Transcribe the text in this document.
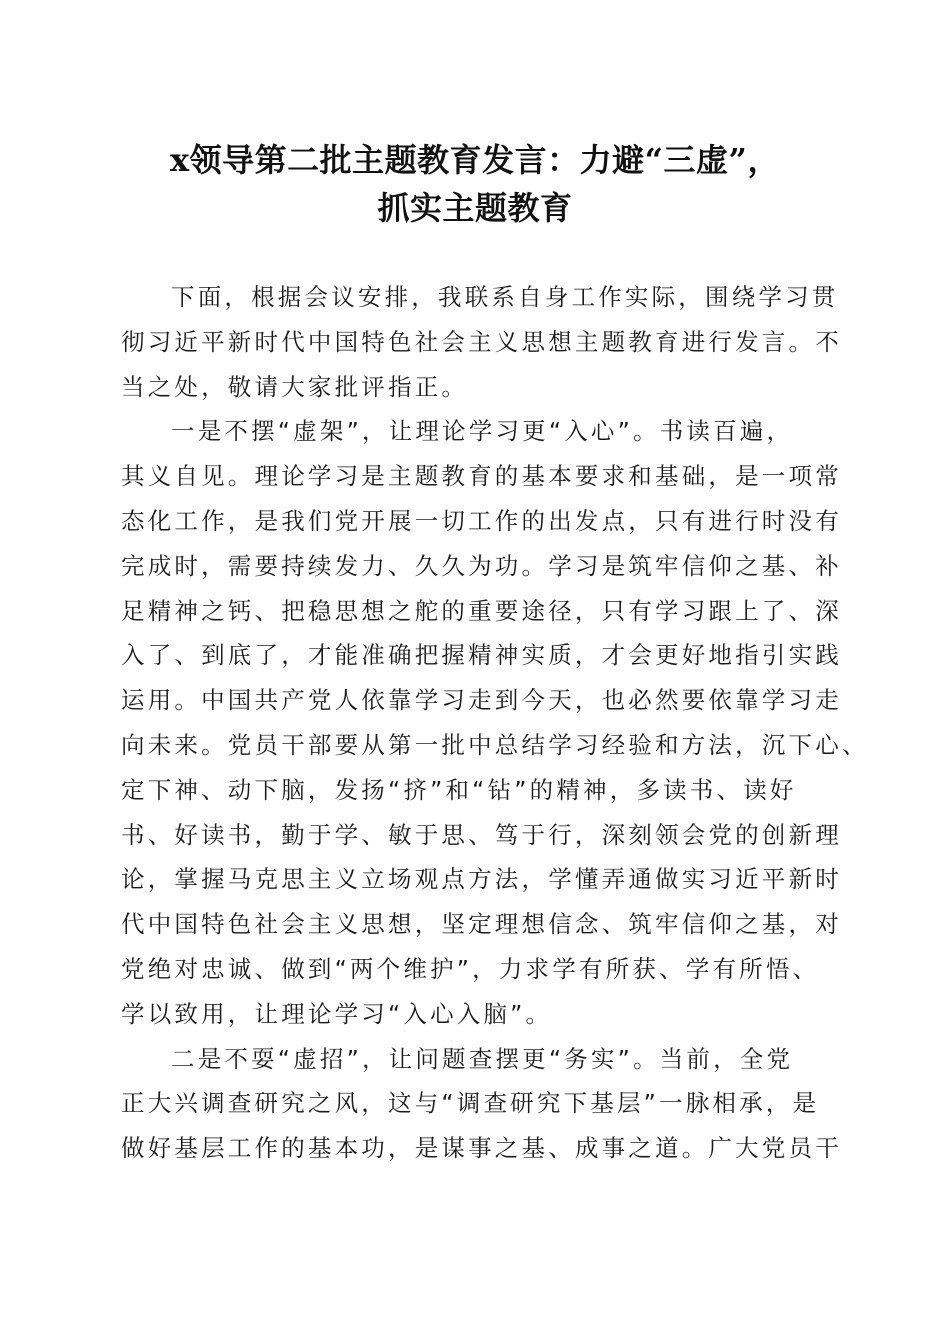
x领导第二批主题教育发言：力避“三虚”，
抓实主题教育
下面，根据会议安排，我联系自身工作实际，围绕学习贯
彻习近平新时代中国特色社会主义思想主题教育进行发言。不
当之处，敬请大家批评指正。
一是不摆“虚架”，让理论学习更“入心”。书读百遍，
其义自见。理论学习是主题教育的基本要求和基础，是一项常
态化工作，是我们党开展一切工作的出发点，只有进行时没有
完成时，需要持续发力、久久为功。学习是筑牢信仰之基、补
足精神之钙、把稳思想之舵的重要途径，只有学习跟上了、深
入了、到底了，才能准确把握精神实质，才会更好地指引实践
运用。中国共产党人依靠学习走到今天，也必然要依靠学习走
向未来。党员干部要从第一批中总结学习经验和方法，沉下心、
定下神、动下脑，发扬“挤”和“钻”的精神，多读书、读好
书、好读书，勤于学、敏于思、笃于行，深刻领会党的创新理
论，掌握马克思主义立场观点方法，学懂弄通做实习近平新时
代中国特色社会主义思想，坚定理想信念、筑牢信仰之基，对
党绝对忠诚、做到“两个维护”，力求学有所获、学有所悟、
学以致用，让理论学习“入心入脑”。
二是不耍“虚招”，让问题查摆更“务实”。当前，全党
正大兴调查研究之风，这与“调查研究下基层”一脉相承，是
做好基层工作的基本功，是谋事之基、成事之道。广大党员干
